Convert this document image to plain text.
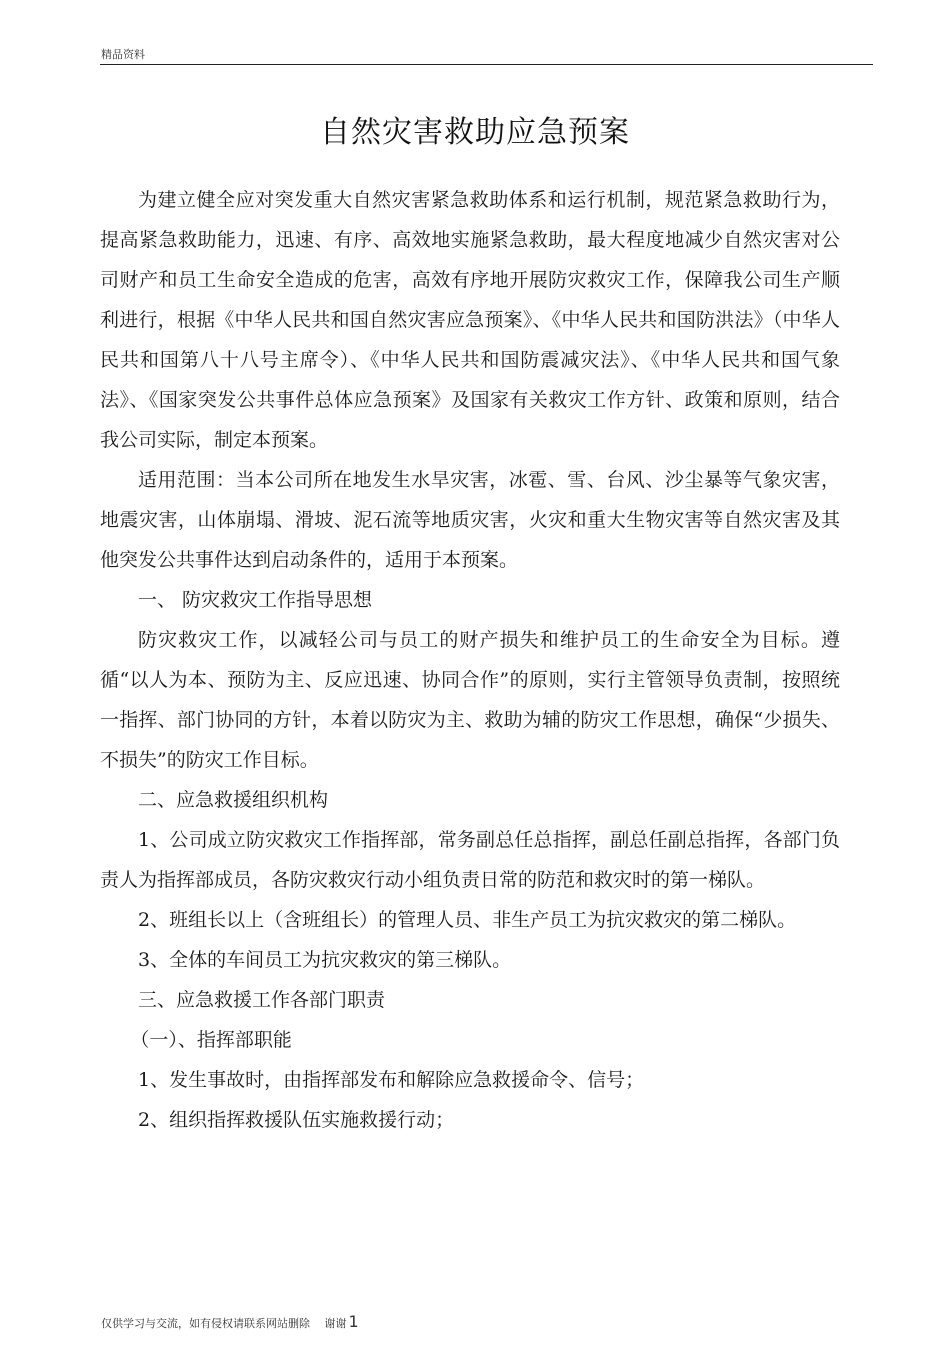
精品资料
自然灾害救助应急预案

为建立健全应对突发重大自然灾害紧急救助体系和运行机制，规范紧急救助行为，提高紧急救助能力，迅速、有序、高效地实施紧急救助，最大程度地减少自然灾害对公司财产和员工生命安全造成的危害，高效有序地开展防灾救灾工作，保障我公司生产顺利进行，根据《中华人民共和国自然灾害应急预案》、《中华人民共和国防洪法》（中华人民共和国第八十八号主席令）、《中华人民共和国防震减灾法》、《中华人民共和国气象法》、《国家突发公共事件总体应急预案》及国家有关救灾工作方针、政策和原则，结合我公司实际，制定本预案。

适用范围：当本公司所在地发生水旱灾害，冰雹、雪、台风、沙尘暴等气象灾害，地震灾害，山体崩塌、滑坡、泥石流等地质灾害，火灾和重大生物灾害等自然灾害及其他突发公共事件达到启动条件的，适用于本预案。

一、 防灾救灾工作指导思想

防灾救灾工作，以减轻公司与员工的财产损失和维护员工的生命安全为目标。遵循“以人为本、预防为主、反应迅速、协同合作”的原则，实行主管领导负责制，按照统一指挥、部门协同的方针，本着以防灾为主、救助为辅的防灾工作思想，确保“少损失、不损失”的防灾工作目标。

二、应急救援组织机构

1、公司成立防灾救灾工作指挥部，常务副总任总指挥，副总任副总指挥，各部门负责人为指挥部成员，各防灾救灾行动小组负责日常的防范和救灾时的第一梯队。

2、班组长以上（含班组长）的管理人员、非生产员工为抗灾救灾的第二梯队。

3、全体的车间员工为抗灾救灾的第三梯队。

三、应急救援工作各部门职责

（一）、指挥部职能

1、发生事故时，由指挥部发布和解除应急救援命令、信号；

2、组织指挥救援队伍实施救援行动；

仅供学习与交流，如有侵权请联系网站删除　 谢谢 1
